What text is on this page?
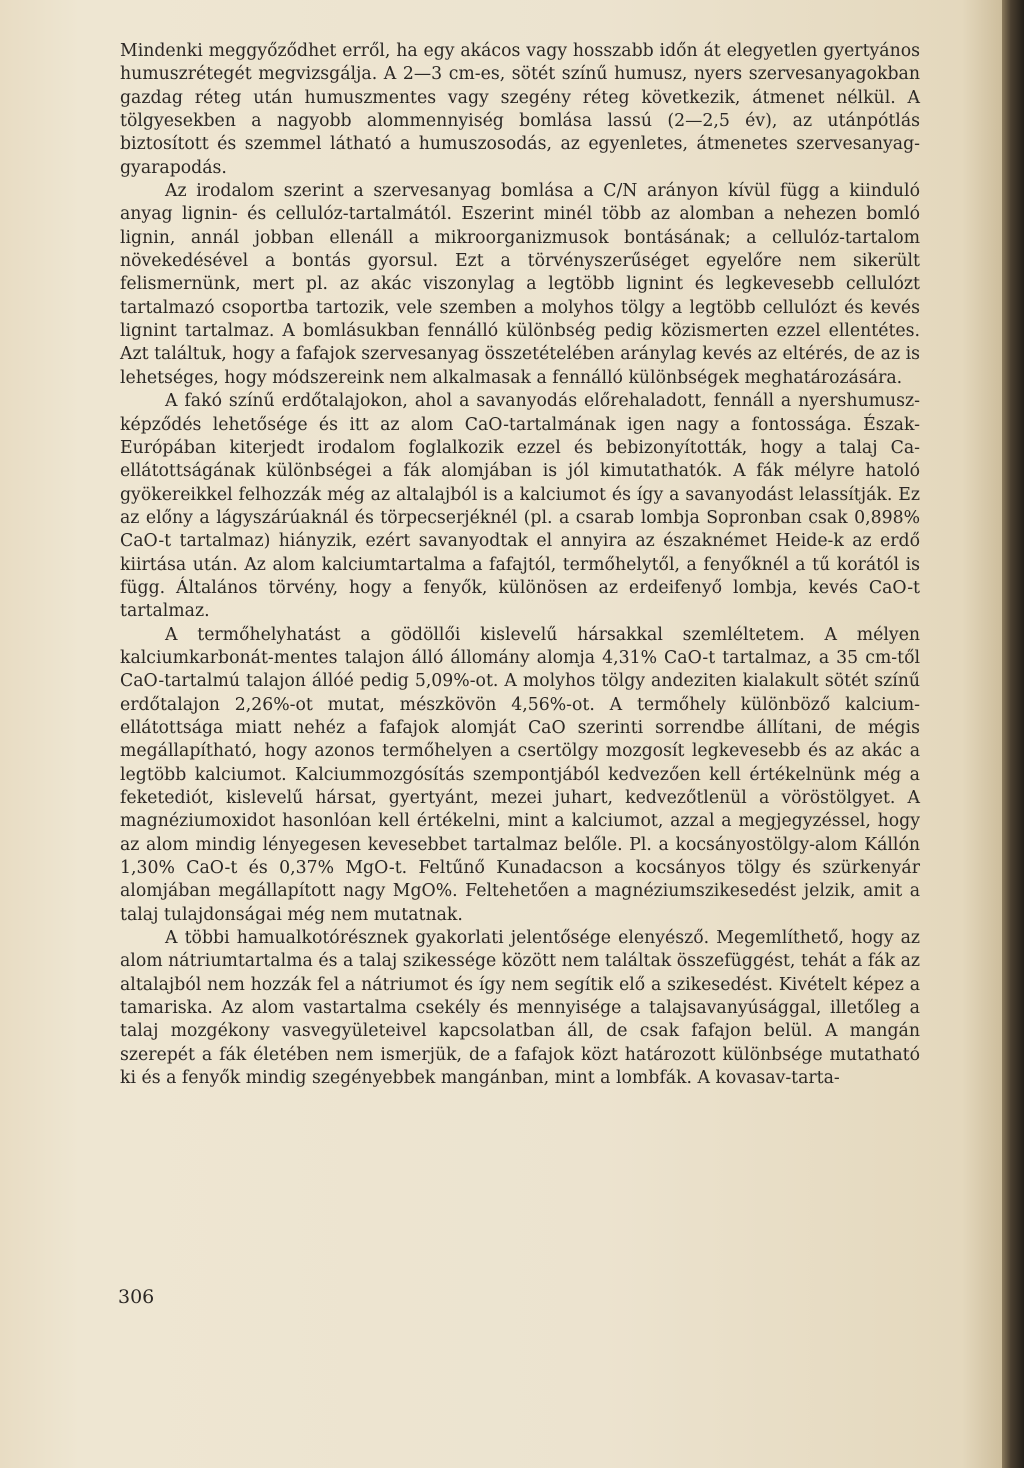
Mindenki meggyőződhet erről, ha egy akácos vagy hosszabb időn át elegyetlen gyertyános humuszrétegét megvizsgálja. A 2—3 cm-es, sötét színű humusz, nyers szervesanyagokban gazdag réteg után humuszmentes vagy szegény réteg következik, átmenet nélkül. A tölgyesekben a nagyobb alommennyiség bomlása lassú (2—2,5 év), az utánpótlás biztosított és szemmel látható a humuszosodás, az egyenletes, átmenetes szervesanyag-gyarapodás.

Az irodalom szerint a szervesanyag bomlása a C/N arányon kívül függ a kiinduló anyag lignin- és cellulóz-tartalmától. Eszerint minél több az alomban a nehezen bomló lignin, annál jobban ellenáll a mikroorganizmusok bontásának; a cellulóz-tartalom növekedésével a bontás gyorsul. Ezt a törvényszerűséget egyelőre nem sikerült felismernünk, mert pl. az akác viszonylag a legtöbb lignint és legkevesebb cellulózt tartalmazó csoportba tartozik, vele szemben a molyhos tölgy a legtöbb cellulózt és kevés lignint tartalmaz. A bomlásukban fennálló különbség pedig közismerten ezzel ellentétes. Azt találtuk, hogy a fafajok szervesanyag összetételében aránylag kevés az eltérés, de az is lehetséges, hogy módszereink nem alkalmasak a fennálló különbségek meghatározására.

A fakó színű erdőtalajokon, ahol a savanyodás előrehaladott, fennáll a nyershumusz-képződés lehetősége és itt az alom CaO-tartalmának igen nagy a fontossága. Észak-Európában kiterjedt irodalom foglalkozik ezzel és bebizonyították, hogy a talaj Ca-ellátottságának különbségei a fák alomjában is jól kimutathatók. A fák mélyre hatoló gyökereikkel felhozzák még az altalajból is a kalciumot és így a savanyodást lelassítják. Ez az előny a lágyszárúaknál és törpecserjéknél (pl. a csarab lombja Sopronban csak 0,898% CaO-t tartalmaz) hiányzik, ezért savanyodtak el annyira az északnémet Heide-k az erdő kiirtása után. Az alom kalciumtartalma a fafajtól, termőhelytől, a fenyőknél a tű korától is függ. Általános törvény, hogy a fenyők, különösen az erdeifenyő lombja, kevés CaO-t tartalmaz.

A termőhelyhatást a gödöllői kislevelű hársakkal szemléltetem. A mélyen kalciumkarbonát-mentes talajon álló állomány alomja 4,31% CaO-t tartalmaz, a 35 cm-től CaO-tartalmú talajon állóé pedig 5,09%-ot. A molyhos tölgy andeziten kialakult sötét színű erdőtalajon 2,26%-ot mutat, mészkövön 4,56%-ot. A termőhely különböző kalcium-ellátottsága miatt nehéz a fafajok alomját CaO szerinti sorrendbe állítani, de mégis megállapítható, hogy azonos termőhelyen a csertölgy mozgosít legkevesebb és az akác a legtöbb kalciumot. Kalciummozgósítás szempontjából kedvezően kell értékelnünk még a feketediót, kislevelű hársat, gyertyánt, mezei juhart, kedvezőtlenül a vöröstölgyet. A magnéziumoxidot hasonlóan kell értékelni, mint a kalciumot, azzal a megjegyzéssel, hogy az alom mindig lényegesen kevesebbet tartalmaz belőle. Pl. a kocsányostölgy-alom Kállón 1,30% CaO-t és 0,37% MgO-t. Feltűnő Kunadacson a kocsányos tölgy és szürkenyár alomjában megállapított nagy MgO%. Feltehetően a magnéziumszikesedést jelzik, amit a talaj tulajdonságai még nem mutatnak.

A többi hamualkotórésznek gyakorlati jelentősége elenyésző. Megemlíthető, hogy az alom nátriumtartalma és a talaj szikessége között nem találtak összefüggést, tehát a fák az altalajból nem hozzák fel a nátriumot és így nem segítik elő a szikesedést. Kivételt képez a tamariska. Az alom vastartalma csekély és mennyisége a talajsavanyúsággal, illetőleg a talaj mozgékony vasvegyületeivel kapcsolatban áll, de csak fafajon belül. A mangán szerepét a fák életében nem ismerjük, de a fafajok közt határozott különbsége mutatható ki és a fenyők mindig szegényebbek mangánban, mint a lombfák. A kovasav-tarta-

306
